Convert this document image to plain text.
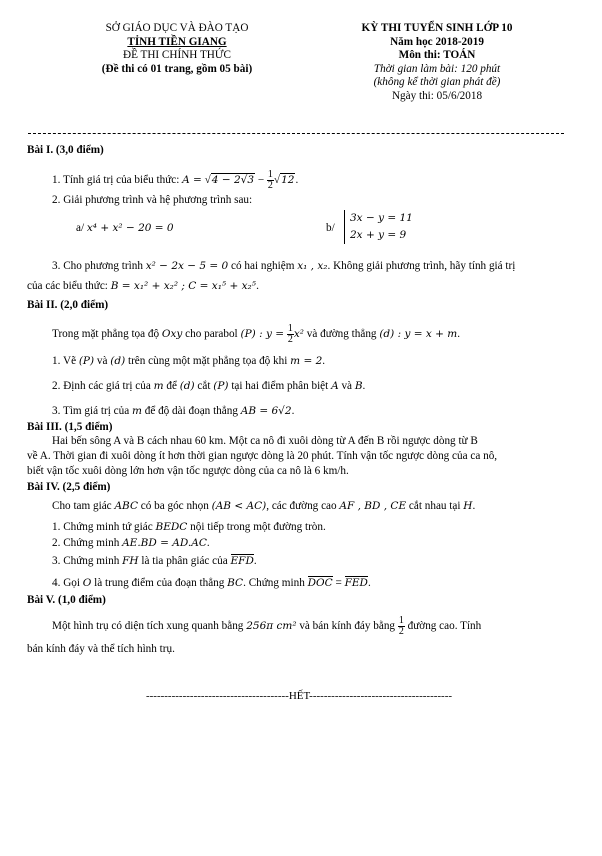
SỞ GIÁO DỤC VÀ ĐÀO TẠO
TỈNH TIỀN GIANG
ĐỀ THI CHÍNH THỨC
(Đề thi có 01 trang, gồm 05 bài)
KỲ THI TUYỂN SINH LỚP 10
Năm học 2018-2019
Môn thi: TOÁN
Thời gian làm bài: 120 phút
(không kể thời gian phát đề)
Ngày thi: 05/6/2018
Bài I. (3,0 điểm)
1. Tính giá trị của biểu thức: $A = √4 - 2√3 - \frac{1}{2} √12$.
2. Giải phương trình và hệ phương trình sau:
a/ x⁴ + x² − 20 = 0	b/
3x − y = 11
2x + y = 9
3. Cho phương trình x² − 2x − 5 = 0 có hai nghiệm x₁ , x₂. Không giải phương trình, hãy tính giá trị
của các biểu thức: B = x₁² + x₂² ; C = x₁⁵ + x₂⁵.
Bài II. (2,0 điểm)
Trong mặt phẳng tọa độ Oxy cho parabol (P) : $y = \frac{1}{2} x^2$ và đường thẳng (d) : y = x + m.
1. Vẽ (P) và (d) trên cùng một mặt phẳng tọa độ khi m = 2.
2. Định các giá trị của m để (d) cắt (P) tại hai điểm phân biệt A và B.
3. Tìm giá trị của m để độ dài đoạn thẳng AB = 6√2.
Bài III. (1,5 điểm)
Hai bến sông A và B cách nhau 60 km. Một ca nô đi xuôi dòng từ A đến B rồi ngược dòng từ B
về A. Thời gian đi xuôi dòng ít hơn thời gian ngược dòng là 20 phút. Tính vận tốc ngược dòng của ca nô,
biết vận tốc xuôi dòng lớn hơn vận tốc ngược dòng của ca nô là 6 km/h.
Bài IV. (2,5 điểm)
Cho tam giác ABC có ba góc nhọn (AB < AC), các đường cao AF , BD , CE cắt nhau tại H.
1. Chứng minh tứ giác BEDC nội tiếp trong một đường tròn.
2. Chứng minh AE.BD = AD.AC.
3. Chứng minh FH là tia phân giác của EFD.
4. Gọi O là trung điểm của đoạn thẳng BC. Chứng minh DOC = FED.
Bài V. (1,0 điểm)
Một hình trụ có diện tích xung quanh bằng 256π cm² và bán kính đáy bằng $\frac{1}{2}$ đường cao. Tính
bán kính đáy và thể tích hình trụ.
---------------------------------------HẾT---------------------------------------
